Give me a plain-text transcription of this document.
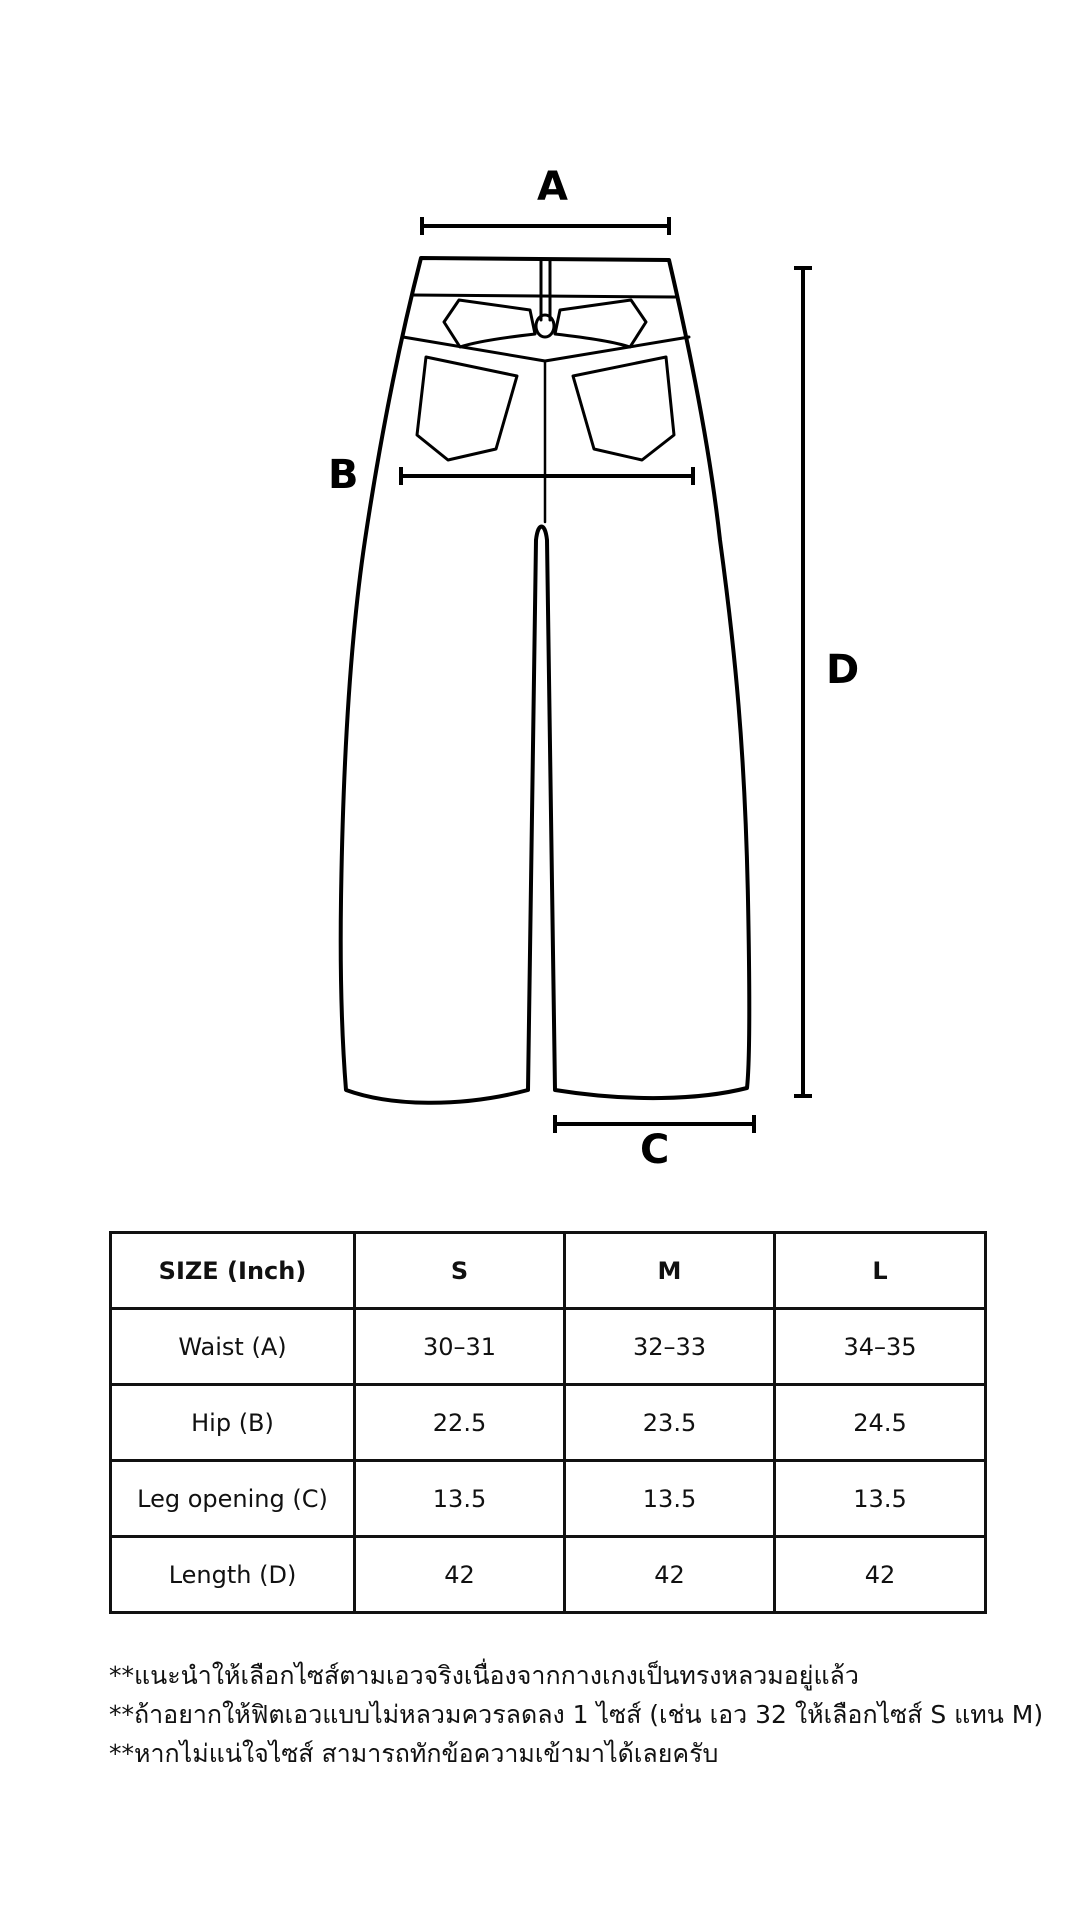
A
B
C
D
SIZE (Inch)	S	M	L
Waist (A)	30–31	32–33	34–35
Hip (B)	22.5	23.5	24.5
Leg opening (C)	13.5	13.5	13.5
Length (D)	42	42	42
**แนะนำให้เลือกไซส์ตามเอวจริงเนื่องจากกางเกงเป็นทรงหลวมอยู่แล้ว
**ถ้าอยากให้ฟิตเอวแบบไม่หลวมควรลดลง 1 ไซส์ (เช่น เอว 32 ให้เลือกไซส์ S แทน M)
**หากไม่แน่ใจไซส์ สามารถทักข้อความเข้ามาได้เลยครับ
